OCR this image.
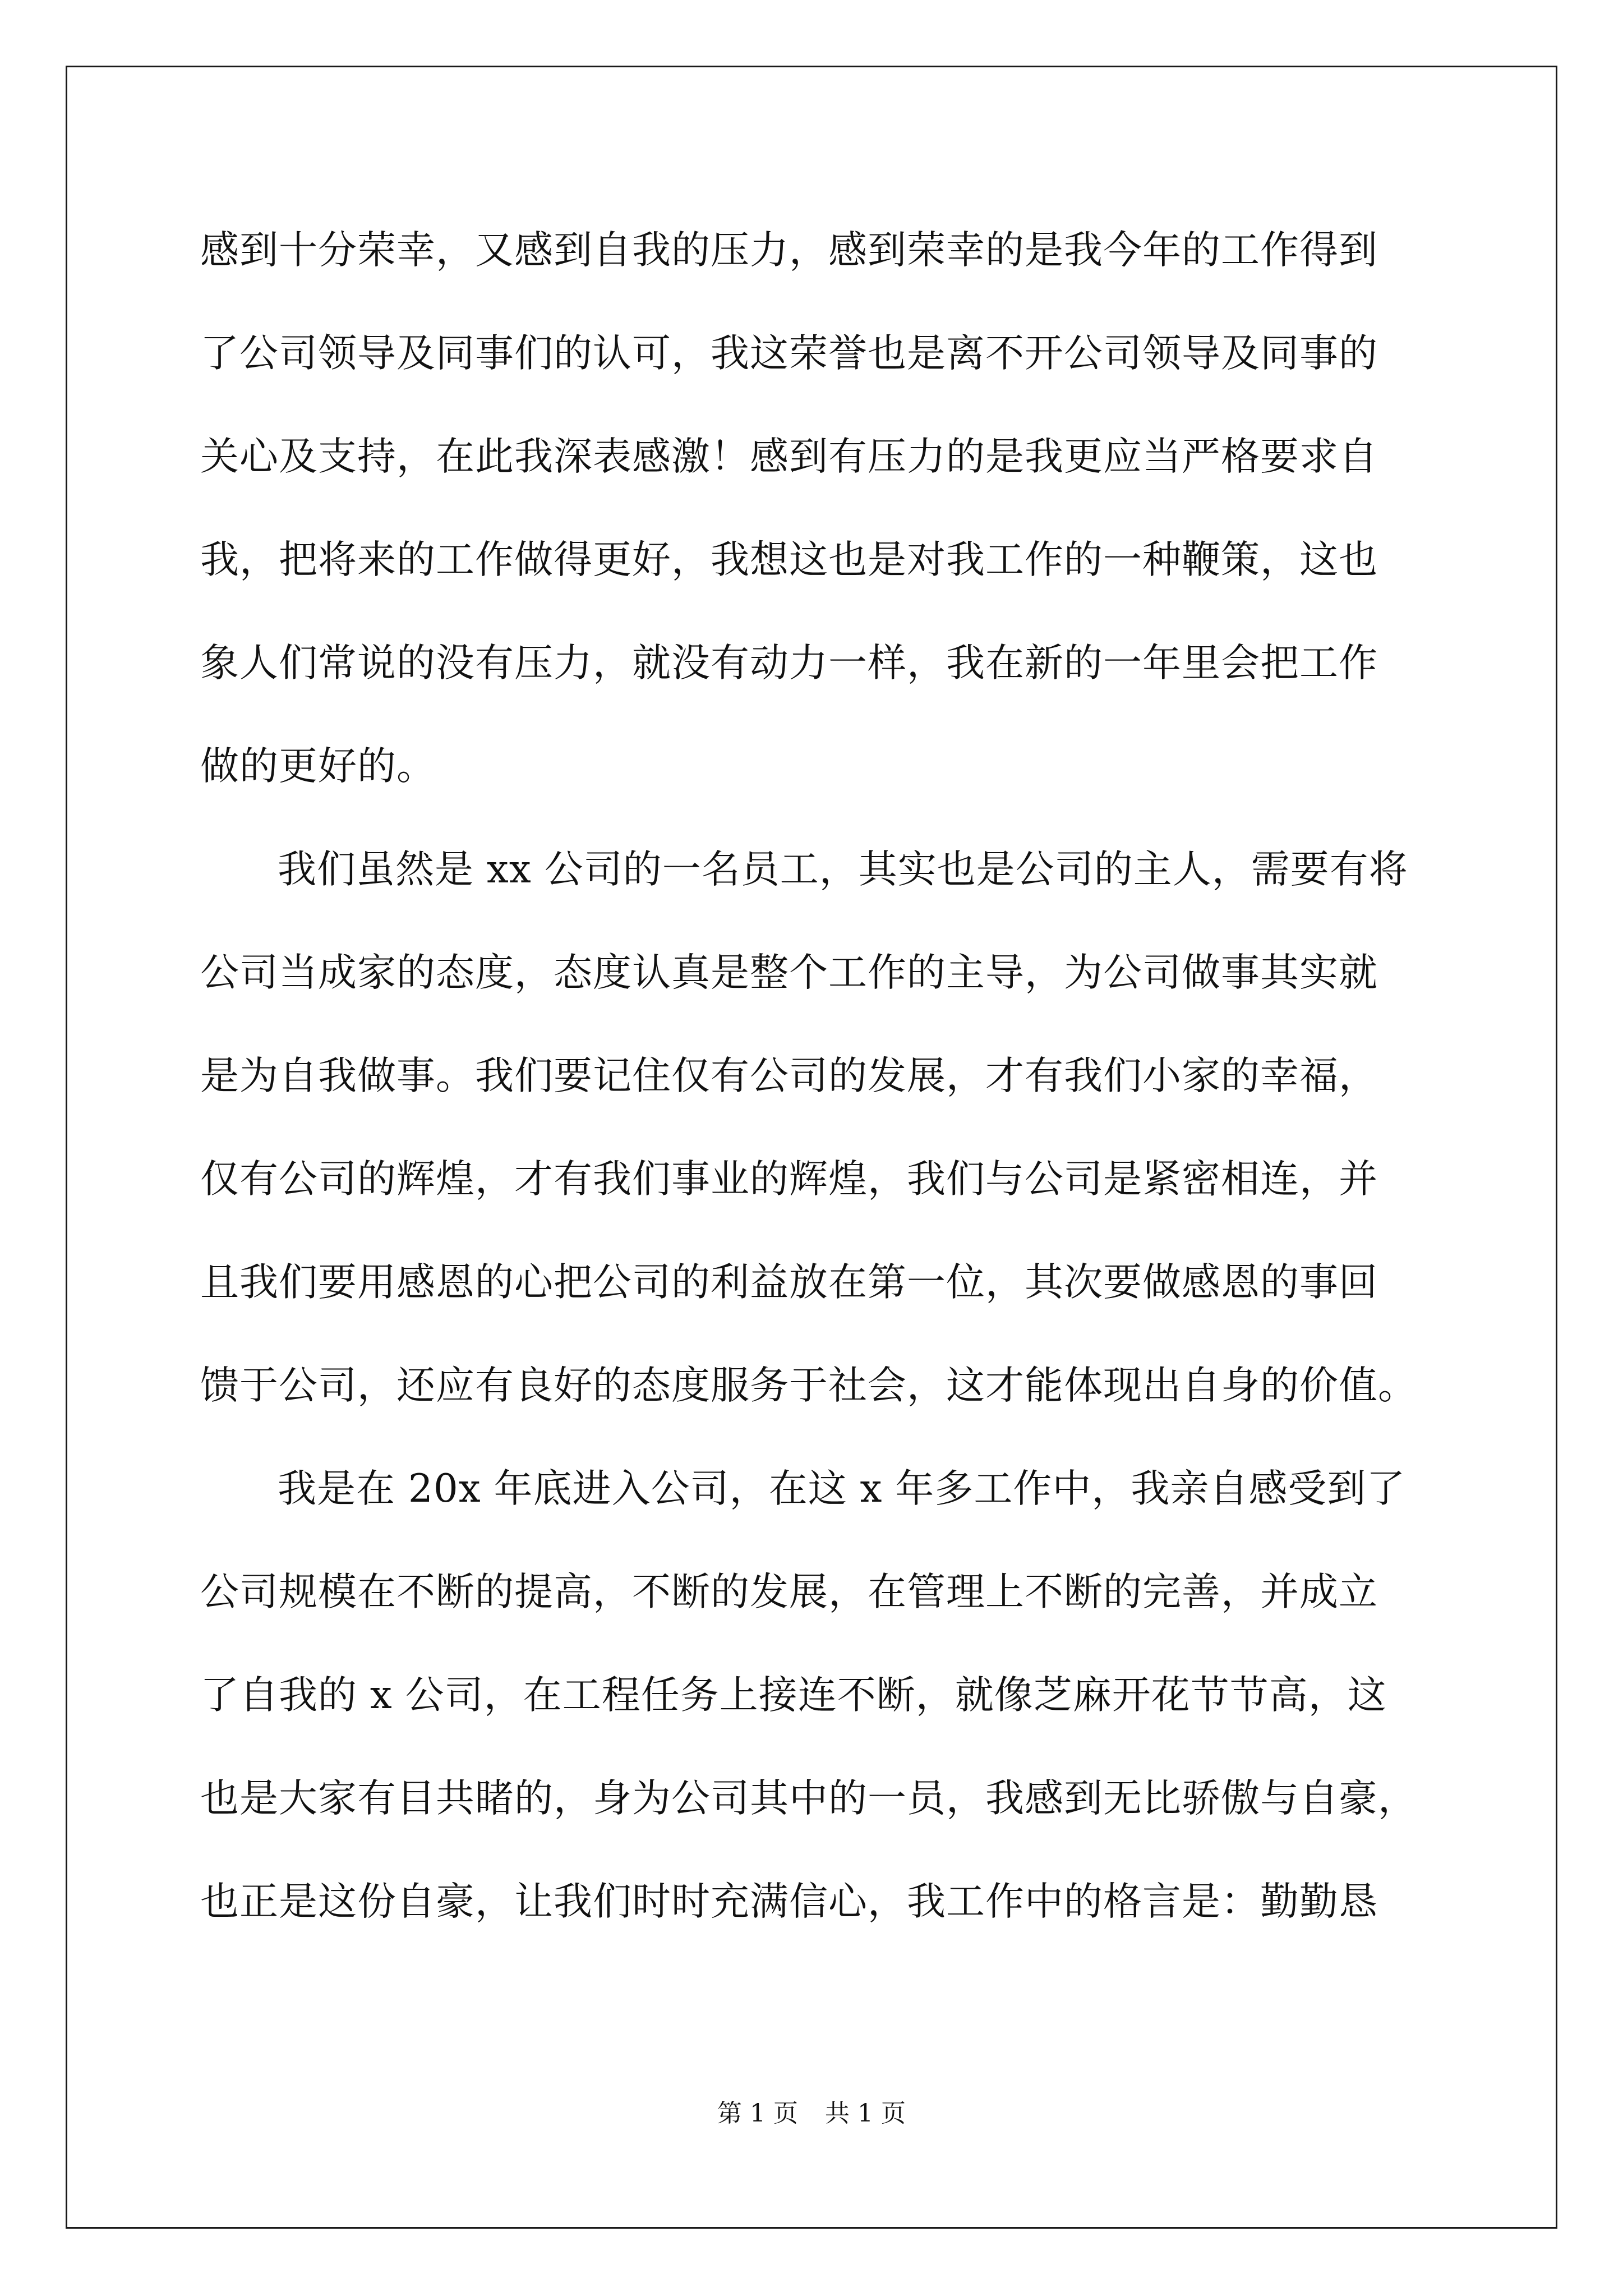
感到十分荣幸，又感到自我的压力，感到荣幸的是我今年的工作得到
了公司领导及同事们的认可，我这荣誉也是离不开公司领导及同事的
关心及支持，在此我深表感激！感到有压力的是我更应当严格要求自
我，把将来的工作做得更好，我想这也是对我工作的一种鞭策，这也
象人们常说的没有压力，就没有动力一样，我在新的一年里会把工作
做的更好的。
我们虽然是 xx 公司的一名员工，其实也是公司的主人，需要有将
公司当成家的态度，态度认真是整个工作的主导，为公司做事其实就
是为自我做事。我们要记住仅有公司的发展，才有我们小家的幸福，
仅有公司的辉煌，才有我们事业的辉煌，我们与公司是紧密相连，并
且我们要用感恩的心把公司的利益放在第一位，其次要做感恩的事回
馈于公司，还应有良好的态度服务于社会，这才能体现出自身的价值。
我是在 20x 年底进入公司，在这 x 年多工作中，我亲自感受到了
公司规模在不断的提高，不断的发展，在管理上不断的完善，并成立
了自我的 x 公司，在工程任务上接连不断，就像芝麻开花节节高，这
也是大家有目共睹的，身为公司其中的一员，我感到无比骄傲与自豪，
也正是这份自豪，让我们时时充满信心，我工作中的格言是：勤勤恳
第 1 页 共 1 页
